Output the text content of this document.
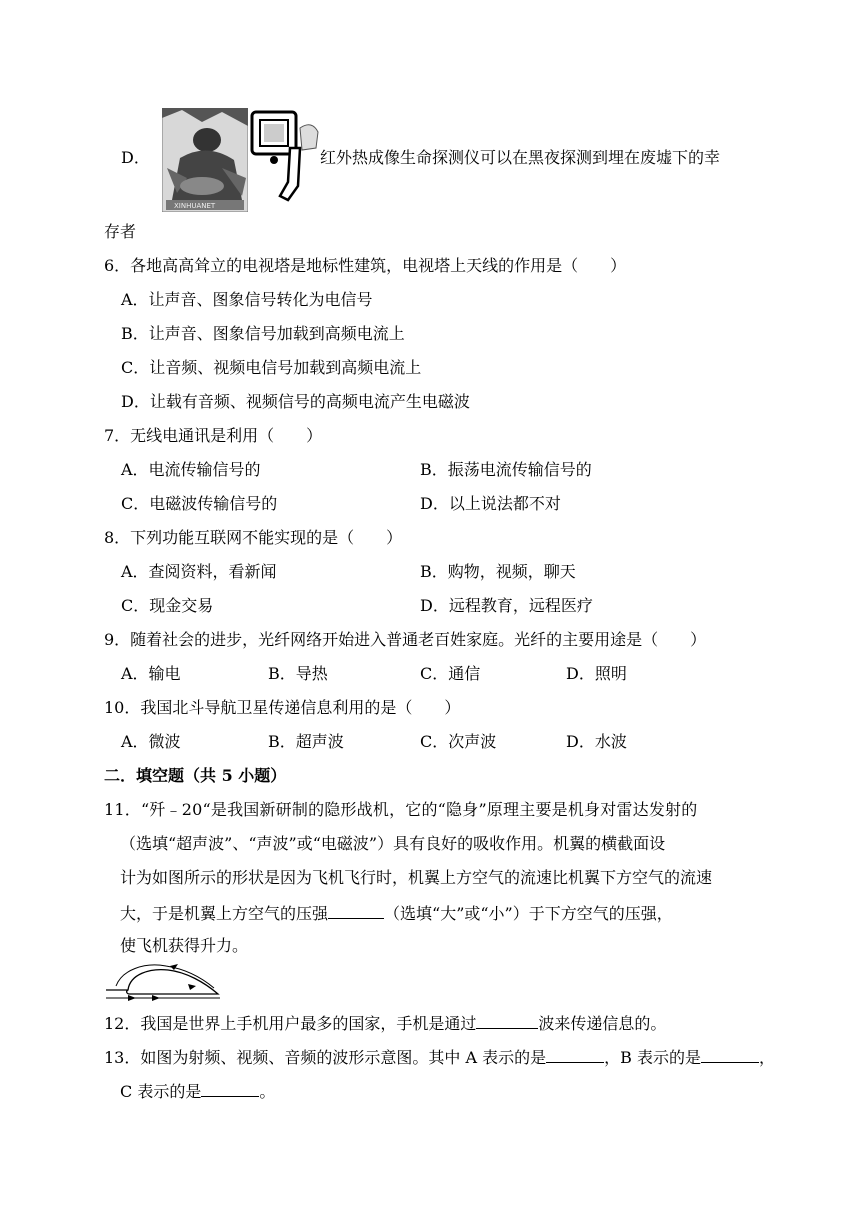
D．
XINHUANET
红外热成像生命探测仪可以在黑夜探测到埋在废墟下的幸
存者
6．各地高高耸立的电视塔是地标性建筑，电视塔上天线的作用是（　　）
A．让声音、图象信号转化为电信号
B．让声音、图象信号加载到高频电流上
C．让音频、视频电信号加载到高频电流上
D．让载有音频、视频信号的高频电流产生电磁波
7．无线电通讯是利用（　　）
A．电流传输信号的	B．振荡电流传输信号的
C．电磁波传输信号的	D．以上说法都不对
8．下列功能互联网不能实现的是（　　）
A．查阅资料，看新闻	B．购物，视频，聊天
C．现金交易	D．远程教育，远程医疗
9．随着社会的进步，光纤网络开始进入普通老百姓家庭。光纤的主要用途是（　　）
A．输电	B．导热	C．通信	D．照明
10．我国北斗导航卫星传递信息利用的是（　　）
A．微波	B．超声波	C．次声波	D．水波
二．填空题（共 5 小题）
11．“歼﹣20“是我国新研制的隐形战机，它的“隐身”原理主要是机身对雷达发射的
（选填“超声波”、“声波”或“电磁波”）具有良好的吸收作用。机翼的横截面设
计为如图所示的形状是因为飞机飞行时，机翼上方空气的流速比机翼下方空气的流速
大，于是机翼上方空气的压强	（选填“大”或“小”）于下方空气的压强，
使飞机获得升力。
12．我国是世界上手机用户最多的国家，手机是通过	波来传递信息的。
13．如图为射频、视频、音频的波形示意图。其中 A 表示的是	，B 表示的是	，
C 表示的是	。
